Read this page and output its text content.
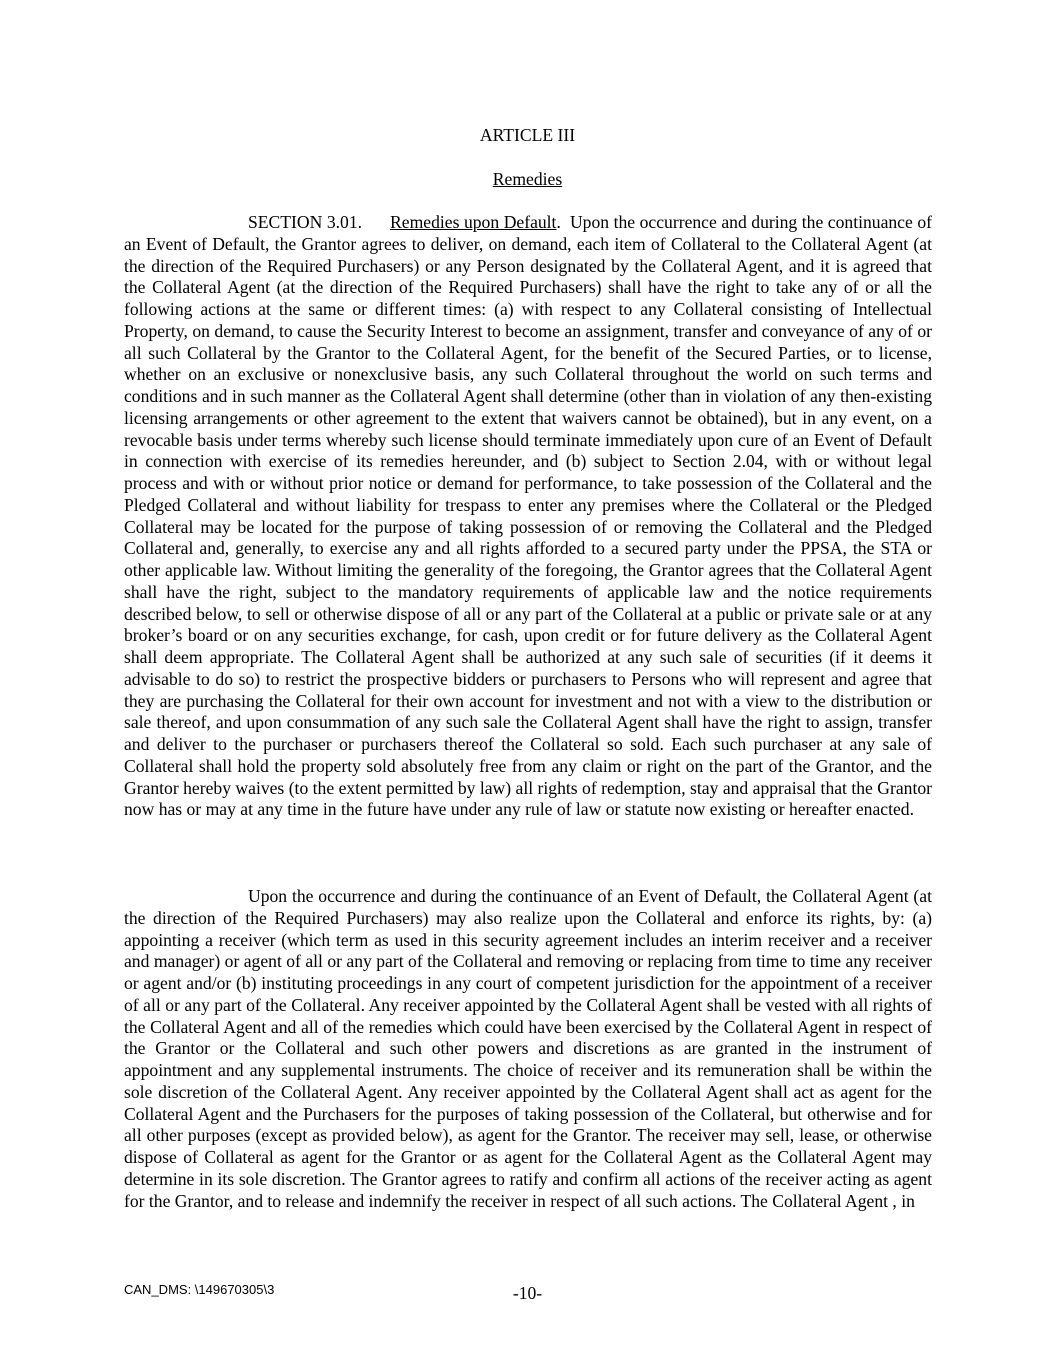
ARTICLE III
Remedies

SECTION 3.01. Remedies upon Default. Upon the occurrence and during the continuance of an Event of Default, the Grantor agrees to deliver, on demand, each item of Collateral to the Collateral Agent (at the direction of the Required Purchasers) or any Person designated by the Collateral Agent, and it is agreed that the Collateral Agent (at the direction of the Required Purchasers) shall have the right to take any of or all the following actions at the same or different times: (a) with respect to any Collateral consisting of Intellectual Property, on demand, to cause the Security Interest to become an assignment, transfer and conveyance of any of or all such Collateral by the Grantor to the Collateral Agent, for the benefit of the Secured Parties, or to license, whether on an exclusive or nonexclusive basis, any such Collateral throughout the world on such terms and conditions and in such manner as the Collateral Agent shall determine (other than in violation of any then-existing licensing arrangements or other agreement to the extent that waivers cannot be obtained), but in any event, on a revocable basis under terms whereby such license should terminate immediately upon cure of an Event of Default in connection with exercise of its remedies hereunder, and (b) subject to Section 2.04, with or without legal process and with or without prior notice or demand for performance, to take possession of the Collateral and the Pledged Collateral and without liability for trespass to enter any premises where the Collateral or the Pledged Collateral may be located for the purpose of taking possession of or removing the Collateral and the Pledged Collateral and, generally, to exercise any and all rights afforded to a secured party under the PPSA, the STA or other applicable law. Without limiting the generality of the foregoing, the Grantor agrees that the Collateral Agent shall have the right, subject to the mandatory requirements of applicable law and the notice requirements described below, to sell or otherwise dispose of all or any part of the Collateral at a public or private sale or at any broker’s board or on any securities exchange, for cash, upon credit or for future delivery as the Collateral Agent shall deem appropriate. The Collateral Agent shall be authorized at any such sale of securities (if it deems it advisable to do so) to restrict the prospective bidders or purchasers to Persons who will represent and agree that they are purchasing the Collateral for their own account for investment and not with a view to the distribution or sale thereof, and upon consummation of any such sale the Collateral Agent shall have the right to assign, transfer and deliver to the purchaser or purchasers thereof the Collateral so sold. Each such purchaser at any sale of Collateral shall hold the property sold absolutely free from any claim or right on the part of the Grantor, and the Grantor hereby waives (to the extent permitted by law) all rights of redemption, stay and appraisal that the Grantor now has or may at any time in the future have under any rule of law or statute now existing or hereafter enacted.

Upon the occurrence and during the continuance of an Event of Default, the Collateral Agent (at the direction of the Required Purchasers) may also realize upon the Collateral and enforce its rights, by: (a) appointing a receiver (which term as used in this security agreement includes an interim receiver and a receiver and manager) or agent of all or any part of the Collateral and removing or replacing from time to time any receiver or agent and/or (b) instituting proceedings in any court of competent jurisdiction for the appointment of a receiver of all or any part of the Collateral. Any receiver appointed by the Collateral Agent shall be vested with all rights of the Collateral Agent and all of the remedies which could have been exercised by the Collateral Agent in respect of the Grantor or the Collateral and such other powers and discretions as are granted in the instrument of appointment and any supplemental instruments. The choice of receiver and its remuneration shall be within the sole discretion of the Collateral Agent. Any receiver appointed by the Collateral Agent shall act as agent for the Collateral Agent and the Purchasers for the purposes of taking possession of the Collateral, but otherwise and for all other purposes (except as provided below), as agent for the Grantor. The receiver may sell, lease, or otherwise dispose of Collateral as agent for the Grantor or as agent for the Collateral Agent as the Collateral Agent may determine in its sole discretion. The Grantor agrees to ratify and confirm all actions of the receiver acting as agent for the Grantor, and to release and indemnify the receiver in respect of all such actions. The Collateral Agent , in

CAN_DMS: \149670305\3	-10-
